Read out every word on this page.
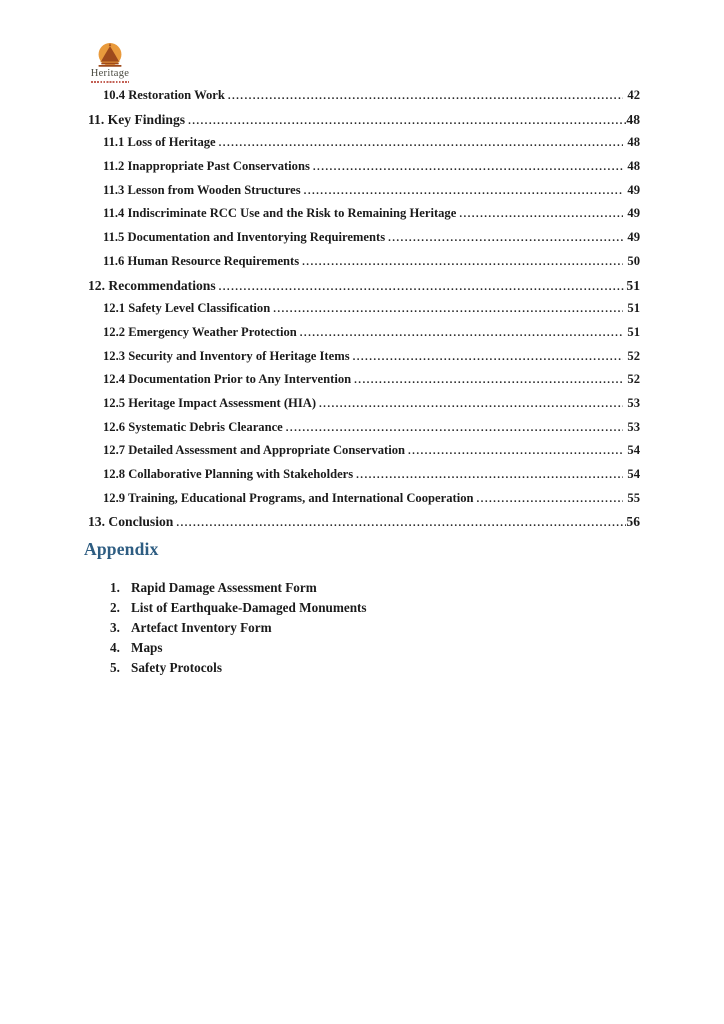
Heritage
10.4 Restoration Work .....	42
11. Key Findings .....	48
11.1 Loss of Heritage .....	48
11.2 Inappropriate Past Conservations .....	48
11.3 Lesson from Wooden Structures .....	49
11.4 Indiscriminate RCC Use and the Risk to Remaining Heritage .....	49
11.5 Documentation and Inventorying Requirements .....	49
11.6 Human Resource Requirements .....	50
12. Recommendations .....	51
12.1 Safety Level Classification .....	51
12.2 Emergency Weather Protection .....	51
12.3 Security and Inventory of Heritage Items .....	52
12.4 Documentation Prior to Any Intervention .....	52
12.5 Heritage Impact Assessment (HIA) .....	53
12.6 Systematic Debris Clearance .....	53
12.7 Detailed Assessment and Appropriate Conservation .....	54
12.8 Collaborative Planning with Stakeholders .....	54
12.9 Training, Educational Programs, and International Cooperation .....	55
13. Conclusion .....	56
Appendix
1. Rapid Damage Assessment Form
2. List of Earthquake-Damaged Monuments
3. Artefact Inventory Form
4. Maps
5. Safety Protocols
